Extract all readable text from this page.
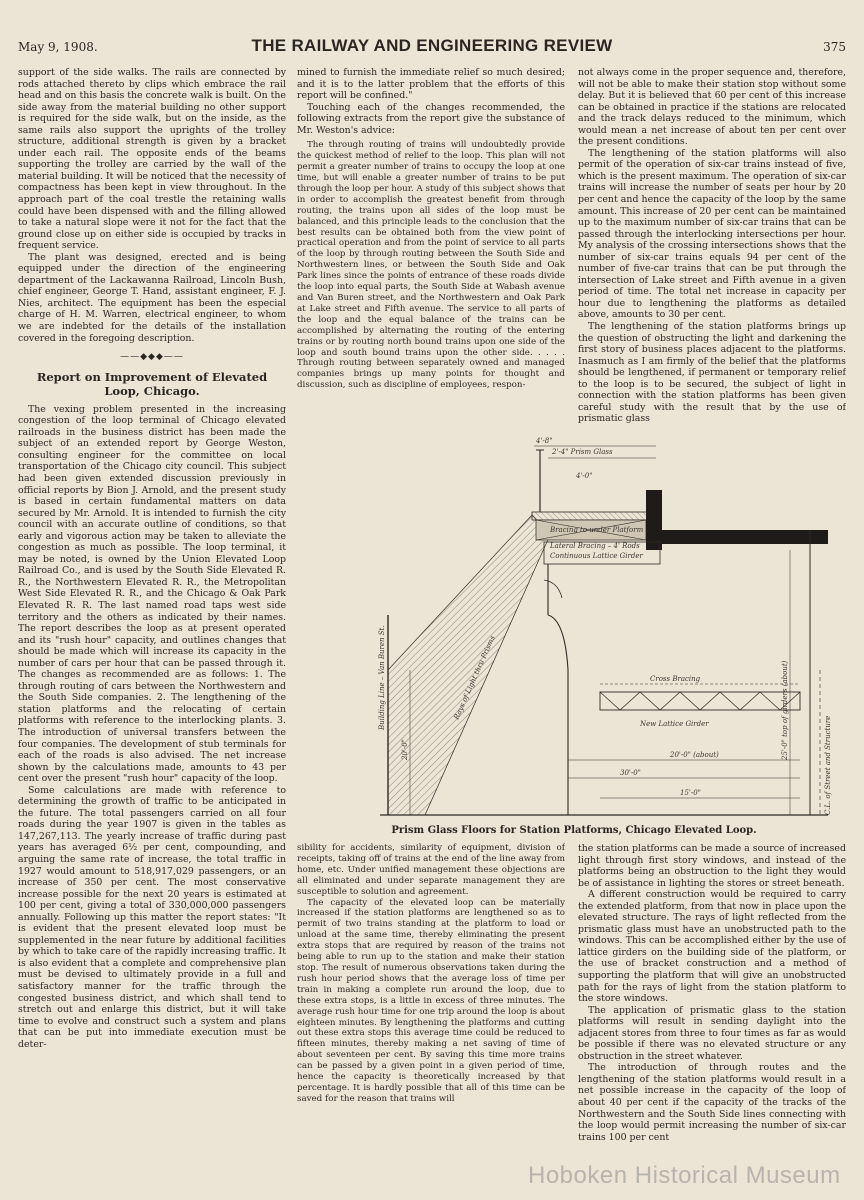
May 9, 1908.	THE RAILWAY AND ENGINEERING REVIEW	375

support of the side walks. The rails are connected by rods attached thereto by clips which embrace the rail head and on this basis the concrete walk is built. On the side away from the material building no other support is required for the side walk, but on the inside, as the same rails also support the uprights of the trolley structure, additional strength is given by a bracket under each rail. The opposite ends of the beams supporting the trolley are carried by the wall of the material building. It will be noticed that the necessity of compactness has been kept in view throughout. In the approach part of the coal trestle the retaining walls could have been dispensed with and the filling allowed to take a natural slope were it not for the fact that the ground close up on either side is occupied by tracks in frequent service.

The plant was designed, erected and is being equipped under the direction of the engineering department of the Lackawanna Railroad, Lincoln Bush, chief engineer, George T. Hand, assistant engineer, F. J. Nies, architect. The equipment has been the especial charge of H. M. Warren, electrical engineer, to whom we are indebted for the details of the installation covered in the foregoing description.

——◆◆◆——
Report on Improvement of Elevated Loop, Chicago.

The vexing problem presented in the increasing congestion of the loop terminal of Chicago elevated railroads in the business district has been made the subject of an extended report by George Weston, consulting engineer for the committee on local transportation of the Chicago city council. This subject had been given extended discussion previously in official reports by Bion J. Arnold, and the present study is based in certain fundamental matters on data secured by Mr. Arnold. It is intended to furnish the city council with an accurate outline of conditions, so that early and vigorous action may be taken to alleviate the congestion as much as possible. The loop terminal, it may be noted, is owned by the Union Elevated Loop Railroad Co., and is used by the South Side Elevated R. R., the Northwestern Elevated R. R., the Metropolitan West Side Elevated R. R., and the Chicago & Oak Park Elevated R. R. The last named road taps west side territory and the others as indicated by their names. The report describes the loop as at present operated and its "rush hour" capacity, and outlines changes that should be made which will increase its capacity in the number of cars per hour that can be passed through it. The changes as recommended are as follows: 1. The through routing of cars between the Northwestern and the South Side companies. 2. The lengthening of the station platforms and the relocating of certain platforms with reference to the interlocking plants. 3. The introduction of universal transfers between the four companies. The development of stub terminals for each of the roads is also advised. The net increase shown by the calculations made, amounts to 43 per cent over the present "rush hour" capacity of the loop.

Some calculations are made with reference to determining the growth of traffic to be anticipated in the future. The total passengers carried on all four roads during the year 1907 is given in the tables as 147,267,113. The yearly increase of traffic during past years has averaged 6½ per cent, compounding, and arguing the same rate of increase, the total traffic in 1927 would amount to 518,917,029 passengers, or an increase of 350 per cent. The most conservative increase possible for the next 20 years is estimated at 100 per cent, giving a total of 330,000,000 passengers annually. Following up this matter the report states: "It is evident that the present elevated loop must be supplemented in the near future by additional facilities by which to take care of the rapidly increasing traffic. It is also evident that a complete and comprehensive plan must be devised to ultimately provide in a full and satisfactory manner for the traffic through the congested business district, and which shall tend to stretch out and enlarge this district, but it will take time to evolve and construct such a system and plans that can be put into immediate execution must be deter-

mined to furnish the immediate relief so much desired; and it is to the latter problem that the efforts of this report will be confined."

Touching each of the changes recommended, the following extracts from the report give the substance of Mr. Weston's advice:

The through routing of trains will undoubtedly provide the quickest method of relief to the loop. This plan will not permit a greater number of trains to occupy the loop at one time, but will enable a greater number of trains to be put through the loop per hour. A study of this subject shows that in order to accomplish the greatest benefit from through routing, the trains upon all sides of the loop must be balanced, and this principle leads to the conclusion that the best results can be obtained both from the view point of practical operation and from the point of service to all parts of the loop by through routing between the South Side and Northwestern lines, or between the South Side and Oak Park lines since the points of entrance of these roads divide the loop into equal parts, the South Side at Wabash avenue and Van Buren street, and the Northwestern and Oak Park at Lake street and Fifth avenue. The service to all parts of the loop and the equal balance of the trains can be accomplished by alternating the routing of the entering trains or by routing north bound trains upon one side of the loop and south bound trains upon the other side. . . . . Through routing between separately owned and managed companies brings up many points for thought and discussion, such as discipline of employees, respon-

not always come in the proper sequence and, therefore, will not be able to make their station stop without some delay. But it is believed that 60 per cent of this increase can be obtained in practice if the stations are relocated and the track delays reduced to the minimum, which would mean a net increase of about ten per cent over the present conditions.

The lengthening of the station platforms will also permit of the operation of six-car trains instead of five, which is the present maximum. The operation of six-car trains will increase the number of seats per hour by 20 per cent and hence the capacity of the loop by the same amount. This increase of 20 per cent can be maintained up to the maximum number of six-car trains that can be passed through the interlocking intersections per hour. My analysis of the crossing intersections shows that the number of six-car trains equals 94 per cent of the number of five-car trains that can be put through the intersection of Lake street and Fifth avenue in a given period of time. The total net increase in capacity per hour due to lengthening the platforms as detailed above, amounts to 30 per cent.

The lengthening of the station platforms brings up the question of obstructing the light and darkening the first story of business places adjacent to the platforms. Inasmuch as I am firmly of the belief that the platforms should be lengthened, if permanent or temporary relief to the loop is to be secured, the subject of light in connection with the station platforms has been given careful study with the result that by the use of prismatic glass

2'-4" Prism Glass
4'-8"
4'-0"
Bracing to under Platform
Lateral Bracing – 4' Rods
Continuous Lattice Girder
Rays of Light thru Prisms
Building Line – Van Buren St.	Cross Bracing
New Lattice Girder
20'-0" (about)
30'-0"
15'-0"
20'-0"	25'-0" top of girders (about)
C.L. of Street and Structure
Prism Glass Floors for Station Platforms, Chicago Elevated Loop.

sibility for accidents, similarity of equipment, division of receipts, taking off of trains at the end of the line away from home, etc. Under unified management these objections are all eliminated and under separate management they are susceptible to solution and agreement.

The capacity of the elevated loop can be materially increased if the station platforms are lengthened so as to permit of two trains standing at the platform to load or unload at the same time, thereby eliminating the present extra stops that are required by reason of the trains not being able to run up to the station and make their station stop. The result of numerous observations taken during the rush hour period shows that the average loss of time per train in making a complete run around the loop, due to these extra stops, is a little in excess of three minutes. The average rush hour time for one trip around the loop is about eighteen minutes. By lengthening the platforms and cutting out these extra stops this average time could be reduced to fifteen minutes, thereby making a net saving of time of about seventeen per cent. By saving this time more trains can be passed by a given point in a given period of time, hence the capacity is theoretically increased by that percentage. It is hardly possible that all of this time can be saved for the reason that trains will

the station platforms can be made a source of increased light through first story windows, and instead of the platforms being an obstruction to the light they would be of assistance in lighting the stores or street beneath.

A different construction would be required to carry the extended platform, from that now in place upon the elevated structure. The rays of light reflected from the prismatic glass must have an unobstructed path to the windows. This can be accomplished either by the use of lattice girders on the building side of the platform, or the use of bracket construction and a method of supporting the platform that will give an unobstructed path for the rays of light from the station platform to the store windows.

The application of prismatic glass to the station platforms will result in sending daylight into the adjacent stores from three to four times as far as would be possible if there was no elevated structure or any obstruction in the street whatever.

The introduction of through routes and the lengthening of the station platforms would result in a net possible increase in the capacity of the loop of about 40 per cent if the capacity of the tracks of the Northwestern and the South Side lines connecting with the loop would permit increasing the number of six-car trains 100 per cent

Hoboken Historical Museum
